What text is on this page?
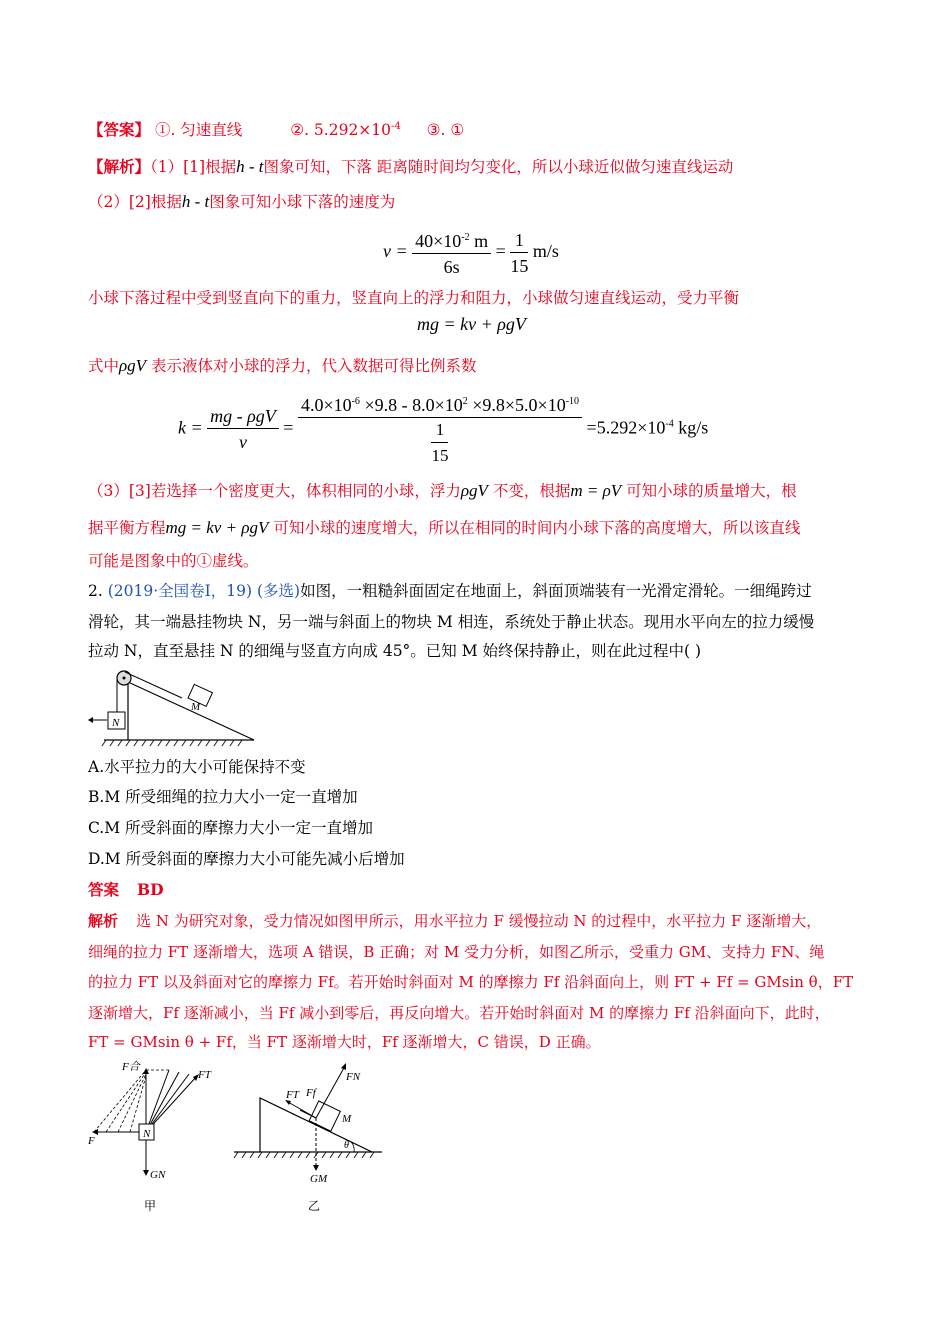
【答案】 ①. 匀速直线	②. $5.292\times 10^{-4}$ ③. ①
【解析】（1）[1]根据h - t图象可知，下落 距离随时间均匀变化，所以小球近似做匀速直线运动
（2）[2]根据h - t图象可知小球下落的速度为
$v = \frac{40\times 10^{-2} m}{6s} = \frac{1}{15} m/s$
小球下落过程中受到竖直向下的重力，竖直向上的浮力和阻力，小球做匀速直线运动，受力平衡
mg = kv + ρgV
式中ρgV 表示液体对小球的浮力，代入数据可得比例系数
$k = \frac{\text{mg - ρgV}}{v} = \frac{4.0\times 10^{-6} \times 9.8 - 8.0\times 10^2 \times 9.8\times 5.0\times 10^{-10}}{\frac{1}{15}} =5.292\times 10^{-4}$ kg/s
（3）[3]若选择一个密度更大，体积相同的小球，浮力ρgV 不变，根据m = ρV 可知小球的质量增大，根
据平衡方程mg = kv + ρgV 可知小球的速度增大，所以在相同的时间内小球下落的高度增大，所以该直线
可能是图象中的①虚线。
2. (2019·全国卷Ⅰ，19) (多选)如图，一粗糙斜面固定在地面上，斜面顶端装有一光滑定滑轮。一细绳跨过
滑轮，其一端悬挂物块 N，另一端与斜面上的物块 M 相连，系统处于静止状态。现用水平向左的拉力缓慢
拉动 N，直至悬挂 N 的细绳与竖直方向成 45°。已知 M 始终保持静止，则在此过程中( )
N
M
A.水平拉力的大小可能保持不变
B.M 所受细绳的拉力大小一定一直增加
C.M 所受斜面的摩擦力大小一定一直增加
D.M 所受斜面的摩擦力大小可能先减小后增加
答案 BD
解析 选 N 为研究对象，受力情况如图甲所示，用水平拉力 F 缓慢拉动 N 的过程中，水平拉力 F 逐渐增大，
细绳的拉力 FT 逐渐增大，选项 A 错误，B 正确；对 M 受力分析，如图乙所示，受重力 GM、支持力 FN、绳
的拉力 FT 以及斜面对它的摩擦力 Ff。若开始时斜面对 M 的摩擦力 Ff 沿斜面向上，则 FT + Ff = GMsin θ，FT
逐渐增大，Ff 逐渐减小，当 Ff 减小到零后，再反向增大。若开始时斜面对 M 的摩擦力 Ff 沿斜面向下，此时，
FT = GMsin θ + Ff，当 FT 逐渐增大时，Ff 逐渐增大，C 错误，D 正确。
N
F合
FT
F
GN
甲
FN
FT Ff
M
θ
GM
乙
